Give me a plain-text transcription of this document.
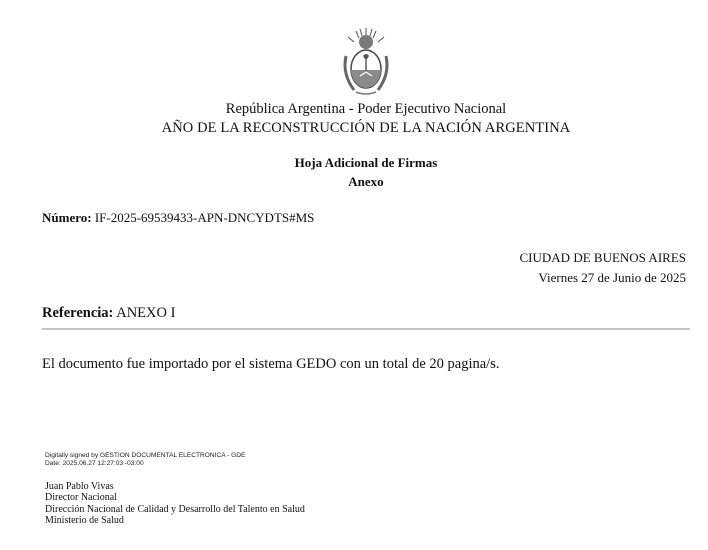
República Argentina - Poder Ejecutivo Nacional
AÑO DE LA RECONSTRUCCIÓN DE LA NACIÓN ARGENTINA
Hoja Adicional de Firmas
Anexo
Número: IF-2025-69539433-APN-DNCYDTS#MS
CIUDAD DE BUENOS AIRES
Viernes 27 de Junio de 2025
Referencia: ANEXO I
El documento fue importado por el sistema GEDO con un total de 20 pagina/s.
Digitally signed by GESTION DOCUMENTAL ELECTRONICA - GDE
Date: 2025.06.27 12:27:03 -03:00
Juan Pablo Vivas
Director Nacional
Dirección Nacional de Calidad y Desarrollo del Talento en Salud
Ministerio de Salud
